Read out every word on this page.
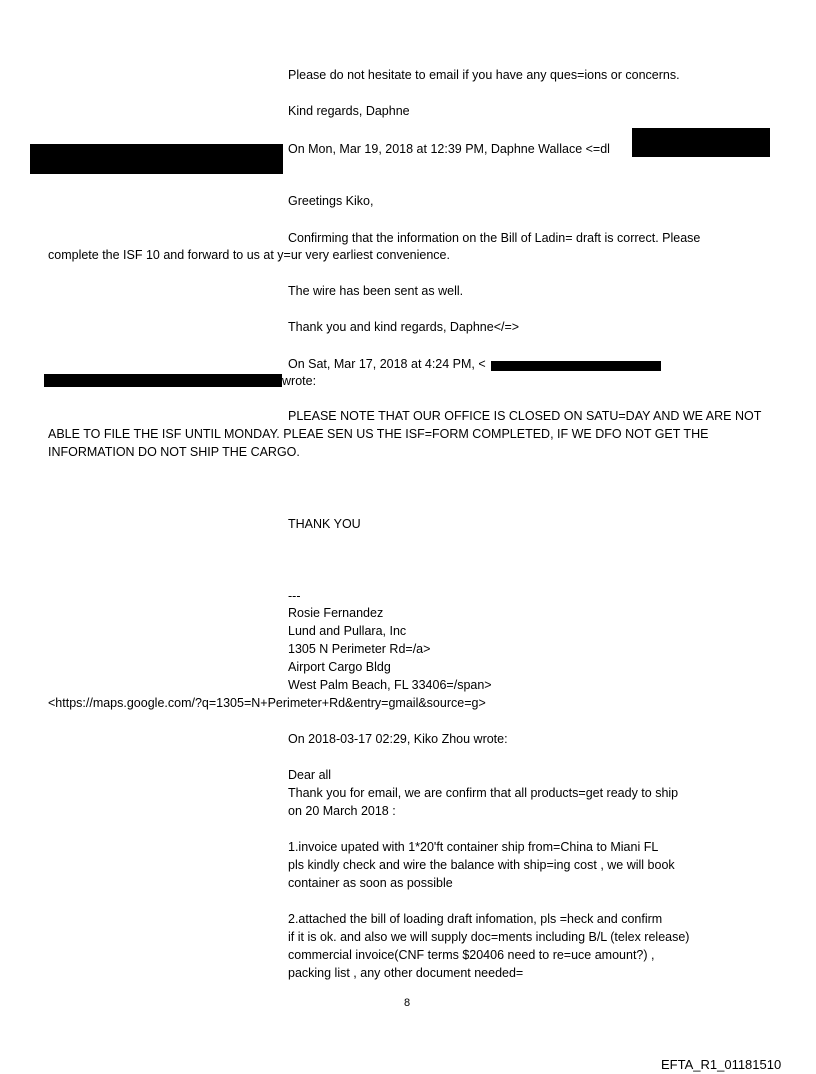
Please do not hesitate to email if you have any ques=ions or concerns.
Kind regards, Daphne
On Mon, Mar 19, 2018 at 12:39 PM, Daphne Wallace <=dl
Greetings Kiko,
Confirming that the information on the Bill of Ladin= draft is correct. Please
complete the ISF 10 and forward to us at y=ur very earliest convenience.
The wire has been sent as well.
Thank you and kind regards, Daphne</=>
On Sat, Mar 17, 2018 at 4:24 PM, <
wrote:
PLEASE NOTE THAT OUR OFFICE IS CLOSED ON SATU=DAY AND WE ARE NOT
ABLE TO FILE THE ISF UNTIL MONDAY. PLEAE SEN US THE ISF=FORM COMPLETED, IF WE DFO NOT GET THE
INFORMATION DO NOT SHIP THE CARGO.
THANK YOU
---
Rosie Fernandez
Lund and Pullara, Inc
1305 N Perimeter Rd=/a>
Airport Cargo Bldg
West Palm Beach, FL 33406=/span>
<https://maps.google.com/?q=1305=N+Perimeter+Rd&entry=gmail&source=g>
On 2018-03-17 02:29, Kiko Zhou wrote:
Dear all
Thank you for email, we are confirm that all products=get ready to ship
on 20 March 2018 :
1.invoice upated with 1*20'ft container ship from=China to Miani FL
pls kindly check and wire the balance with ship=ing cost , we will book
container as soon as possible
2.attached the bill of loading draft infomation, pls =heck and confirm
if it is ok. and also we will supply doc=ments including B/L (telex release)
commercial invoice(CNF terms $20406 need to re=uce amount?) ,
packing list , any other document needed=
8
EFTA_R1_01181510
